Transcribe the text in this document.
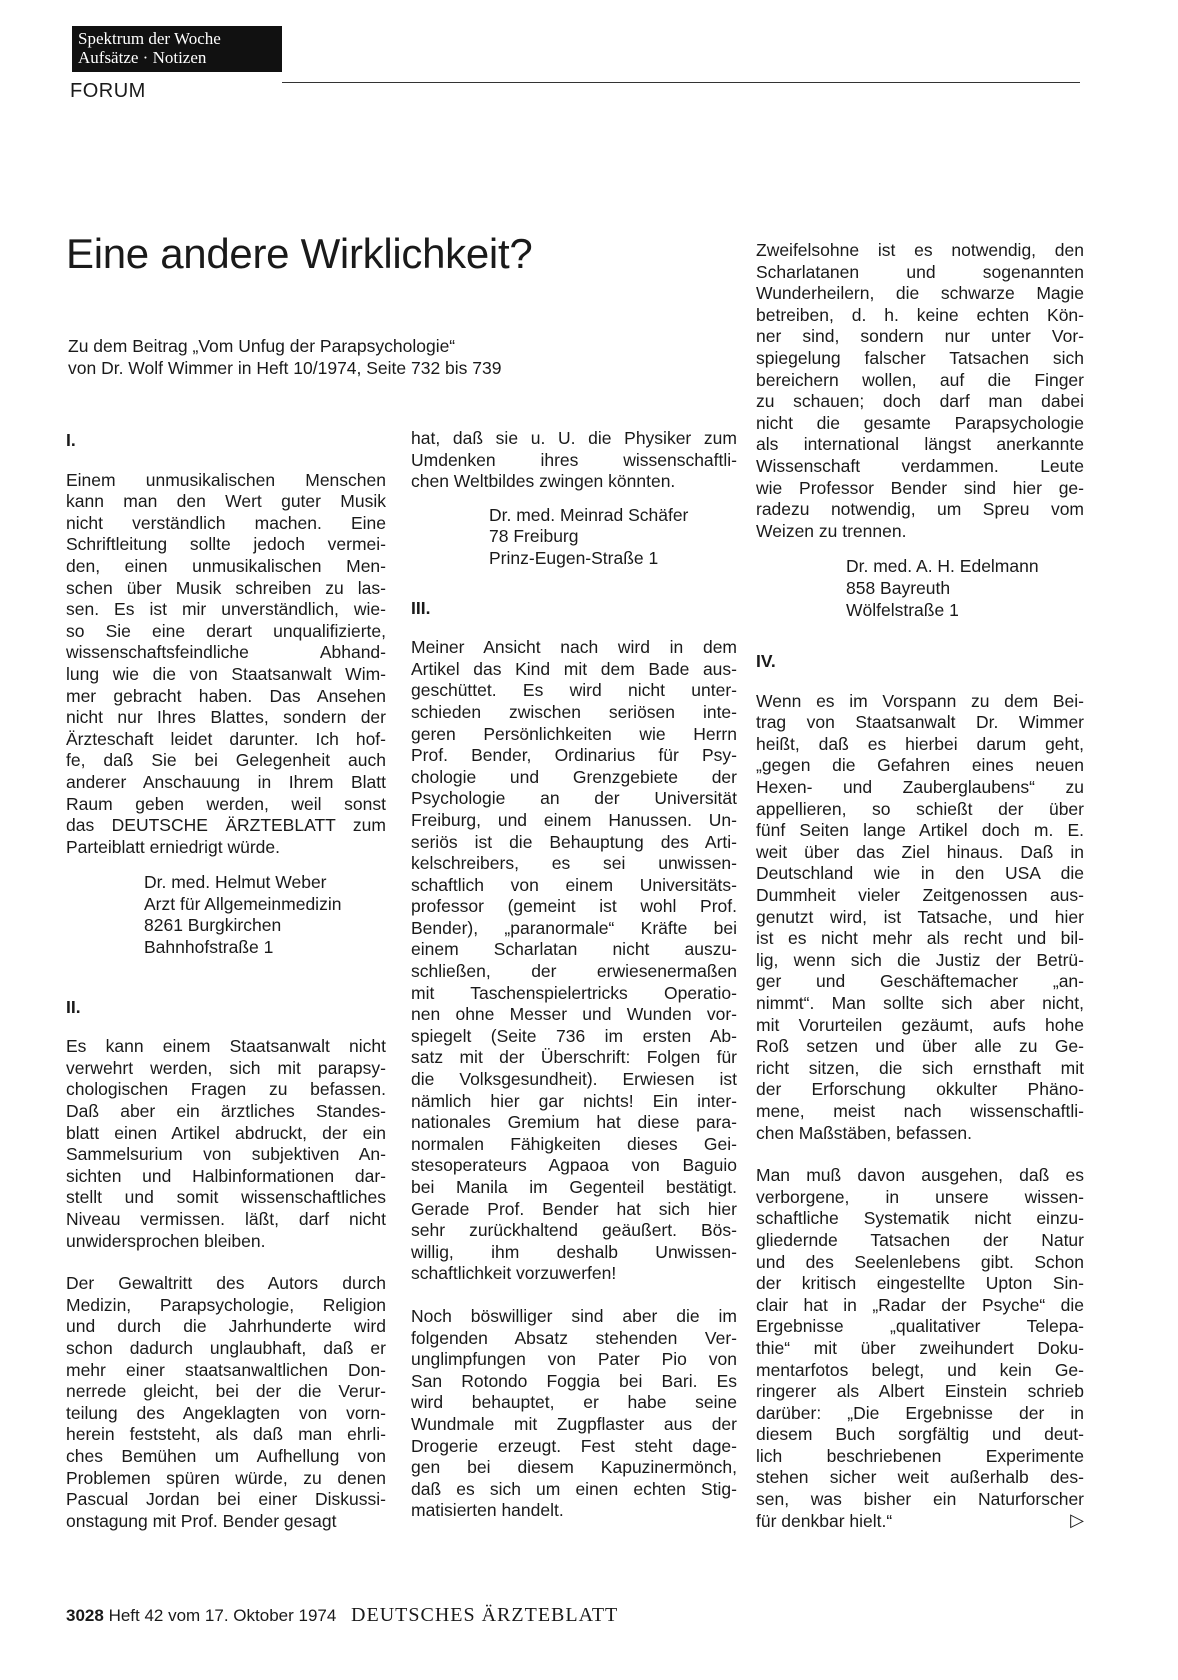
Spektrum der Woche
Aufsätze · Notizen
FORUM
Eine andere Wirklichkeit?
Zu dem Beitrag „Vom Unfug der Parapsychologie“
von Dr. Wolf Wimmer in Heft 10/1974, Seite 732 bis 739
I.
Einem unmusikalischen Menschen
kann man den Wert guter Musik
nicht verständlich machen. Eine
Schriftleitung sollte jedoch vermei-
den, einen unmusikalischen Men-
schen über Musik schreiben zu las-
sen. Es ist mir unverständlich, wie-
so Sie eine derart unqualifizierte,
wissenschaftsfeindliche Abhand-
lung wie die von Staatsanwalt Wim-
mer gebracht haben. Das Ansehen
nicht nur Ihres Blattes, sondern der
Ärzteschaft leidet darunter. Ich hof-
fe, daß Sie bei Gelegenheit auch
anderer Anschauung in Ihrem Blatt
Raum geben werden, weil sonst
das DEUTSCHE ÄRZTEBLATT zum
Parteiblatt erniedrigt würde.
Dr. med. Helmut Weber
Arzt für Allgemeinmedizin
8261 Burgkirchen
Bahnhofstraße 1
II.
Es kann einem Staatsanwalt nicht
verwehrt werden, sich mit parapsy-
chologischen Fragen zu befassen.
Daß aber ein ärztliches Standes-
blatt einen Artikel abdruckt, der ein
Sammelsurium von subjektiven An-
sichten und Halbinformationen dar-
stellt und somit wissenschaftliches
Niveau vermissen. läßt, darf nicht
unwidersprochen bleiben.
Der Gewaltritt des Autors durch
Medizin, Parapsychologie, Religion
und durch die Jahrhunderte wird
schon dadurch unglaubhaft, daß er
mehr einer staatsanwaltlichen Don-
nerrede gleicht, bei der die Verur-
teilung des Angeklagten von vorn-
herein feststeht, als daß man ehrli-
ches Bemühen um Aufhellung von
Problemen spüren würde, zu denen
Pascual Jordan bei einer Diskussi-
onstagung mit Prof. Bender gesagt
hat, daß sie u. U. die Physiker zum
Umdenken ihres wissenschaftli-
chen Weltbildes zwingen könnten.
Dr. med. Meinrad Schäfer
78 Freiburg
Prinz-Eugen-Straße 1
III.
Meiner Ansicht nach wird in dem
Artikel das Kind mit dem Bade aus-
geschüttet. Es wird nicht unter-
schieden zwischen seriösen inte-
geren Persönlichkeiten wie Herrn
Prof. Bender, Ordinarius für Psy-
chologie und Grenzgebiete der
Psychologie an der Universität
Freiburg, und einem Hanussen. Un-
seriös ist die Behauptung des Arti-
kelschreibers, es sei unwissen-
schaftlich von einem Universitäts-
professor (gemeint ist wohl Prof.
Bender), „paranormale“ Kräfte bei
einem Scharlatan nicht auszu-
schließen, der erwiesenermaßen
mit Taschenspielertricks Operatio-
nen ohne Messer und Wunden vor-
spiegelt (Seite 736 im ersten Ab-
satz mit der Überschrift: Folgen für
die Volksgesundheit). Erwiesen ist
nämlich hier gar nichts! Ein inter-
nationales Gremium hat diese para-
normalen Fähigkeiten dieses Gei-
stesoperateurs Agpaoa von Baguio
bei Manila im Gegenteil bestätigt.
Gerade Prof. Bender hat sich hier
sehr zurückhaltend geäußert. Bös-
willig, ihm deshalb Unwissen-
schaftlichkeit vorzuwerfen!
Noch böswilliger sind aber die im
folgenden Absatz stehenden Ver-
unglimpfungen von Pater Pio von
San Rotondo Foggia bei Bari. Es
wird behauptet, er habe seine
Wundmale mit Zugpflaster aus der
Drogerie erzeugt. Fest steht dage-
gen bei diesem Kapuzinermönch,
daß es sich um einen echten Stig-
matisierten handelt.
Zweifelsohne ist es notwendig, den
Scharlatanen und sogenannten
Wunderheilern, die schwarze Magie
betreiben, d. h. keine echten Kön-
ner sind, sondern nur unter Vor-
spiegelung falscher Tatsachen sich
bereichern wollen, auf die Finger
zu schauen; doch darf man dabei
nicht die gesamte Parapsychologie
als international längst anerkannte
Wissenschaft verdammen. Leute
wie Professor Bender sind hier ge-
radezu notwendig, um Spreu vom
Weizen zu trennen.
Dr. med. A. H. Edelmann
858 Bayreuth
Wölfelstraße 1
IV.
Wenn es im Vorspann zu dem Bei-
trag von Staatsanwalt Dr. Wimmer
heißt, daß es hierbei darum geht,
„gegen die Gefahren eines neuen
Hexen- und Zauberglaubens“ zu
appellieren, so schießt der über
fünf Seiten lange Artikel doch m. E.
weit über das Ziel hinaus. Daß in
Deutschland wie in den USA die
Dummheit vieler Zeitgenossen aus-
genutzt wird, ist Tatsache, und hier
ist es nicht mehr als recht und bil-
lig, wenn sich die Justiz der Betrü-
ger und Geschäftemacher „an-
nimmt“. Man sollte sich aber nicht,
mit Vorurteilen gezäumt, aufs hohe
Roß setzen und über alle zu Ge-
richt sitzen, die sich ernsthaft mit
der Erforschung okkulter Phäno-
mene, meist nach wissenschaftli-
chen Maßstäben, befassen.
Man muß davon ausgehen, daß es
verborgene, in unsere wissen-
schaftliche Systematik nicht einzu-
gliedernde Tatsachen der Natur
und des Seelenlebens gibt. Schon
der kritisch eingestellte Upton Sin-
clair hat in „Radar der Psyche“ die
Ergebnisse „qualitativer Telepa-
thie“ mit über zweihundert Doku-
mentarfotos belegt, und kein Ge-
ringerer als Albert Einstein schrieb
darüber: „Die Ergebnisse der in
diesem Buch sorgfältig und deut-
lich beschriebenen Experimente
stehen sicher weit außerhalb des-
sen, was bisher ein Naturforscher
für denkbar hielt.“	▷
3028 Heft 42 vom 17. Oktober 1974 DEUTSCHES ÄRZTEBLATT
